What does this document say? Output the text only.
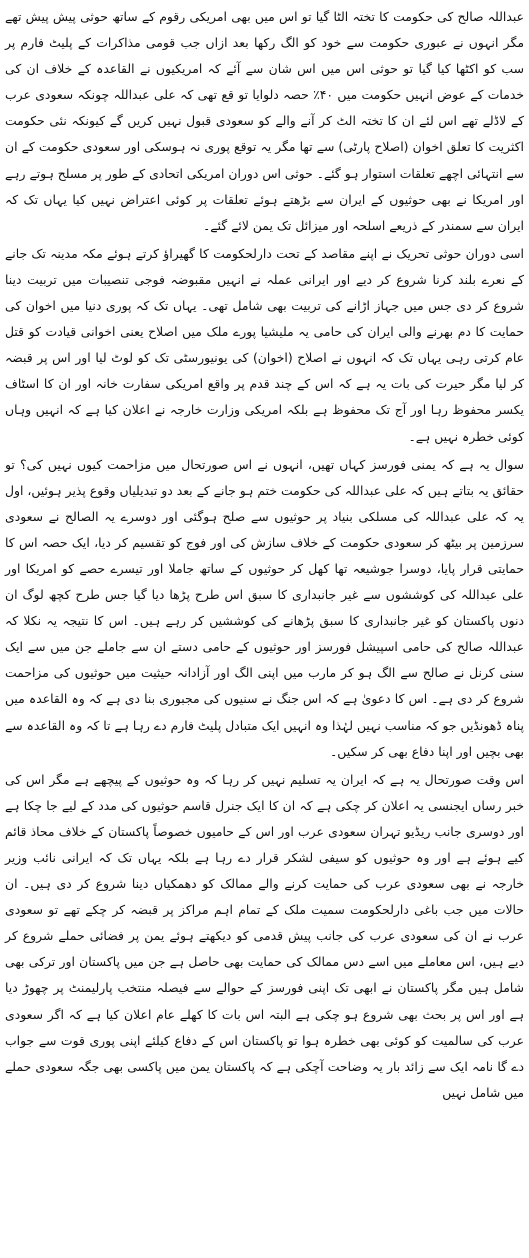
عبداللہ صالح کی حکومت کا تختہ الٹا گیا تو اس میں بھی امریکی رقوم کے ساتھ حوثی پیش پیش تھے مگر انہوں نے عبوری حکومت سے خود کو الگ رکھا بعد ازاں جب قومی مذاکرات کے پلیٹ فارم پر سب کو اکٹھا کیا گیا تو حوثی اس میں اس شان سے آئے کہ امریکیوں نے القاعدہ کے خلاف ان کی خدمات کے عوض انہیں حکومت میں ۴۰٪ حصہ دلوایا تو قع تھی کہ علی عبداللہ چونکہ سعودی عرب کے لاڈلے تھے اس لئے ان کا تختہ الٹ کر آنے والے کو سعودی قبول نہیں کریں گے کیونکہ نئی حکومت اکثریت کا تعلق اخوان (اصلاح پارٹی) سے تھا مگر یہ توقع پوری نہ ہوسکی اور سعودی حکومت کے ان سے انتہائی اچھے تعلقات استوار ہو گئے۔ حوثی اس دوران امریکی اتحادی کے طور پر مسلح ہوتے رہے اور امریکا نے بھی حوثیوں کے ایران سے بڑھتے ہوئے تعلقات پر کوئی اعتراض نہیں کیا یہاں تک کہ ایران سے سمندر کے ذریعے اسلحہ اور میزائل تک یمن لائے گئے۔

اسی دوران حوثی تحریک نے اپنے مقاصد کے تحت دارلحکومت کا گھیراؤ کرتے ہوئے مکہ مدینہ تک جانے کے نعرے بلند کرنا شروع کر دیے اور ایرانی عملہ نے انہیں مقبوضہ فوجی تنصیبات میں تربیت دینا شروع کر دی جس میں جہاز اڑانے کی تربیت بھی شامل تھی۔ یہاں تک کہ پوری دنیا میں اخوان کی حمایت کا دم بھرنے والی ایران کی حامی یہ ملیشیا پورے ملک میں اصلاح یعنی اخوانی قیادت کو قتل عام کرتی رہی یہاں تک کہ انہوں نے اصلاح (اخوان) کی یونیورسٹی تک کو لوٹ لیا اور اس پر قبضہ کر لیا مگر حیرت کی بات یہ ہے کہ اس کے چند قدم پر واقع امریکی سفارت خانہ اور ان کا اسٹاف یکسر محفوظ رہا اور آج تک محفوظ ہے بلکہ امریکی وزارت خارجہ نے اعلان کیا ہے کہ انہیں وہاں کوئی خطرہ نہیں ہے۔

سوال یہ ہے کہ یمنی فورسز کہاں تھیں، انہوں نے اس صورتحال میں مزاحمت کیوں نہیں کی؟ تو حقائق یہ بتاتے ہیں کہ علی عبداللہ کی حکومت ختم ہو جانے کے بعد دو تبدیلیاں وقوع پذیر ہوئیں، اول یہ کہ علی عبداللہ کی مسلکی بنیاد پر حوثیوں سے صلح ہوگئی اور دوسرے یہ الصالح نے سعودی سرزمین پر بیٹھ کر سعودی حکومت کے خلاف سازش کی اور فوج کو تقسیم کر دیا، ایک حصہ اس کا حمایتی قرار پایا، دوسرا جوشیعہ تھا کھل کر حوثیوں کے ساتھ جاملا اور تیسرے حصے کو امریکا اور علی عبداللہ کی کوششوں سے غیر جانبداری کا سبق اس طرح پڑھا دیا گیا جس طرح کچھ لوگ ان دنوں پاکستان کو غیر جانبداری کا سبق پڑھانے کی کوششیں کر رہے ہیں۔ اس کا نتیجہ یہ نکلا کہ عبداللہ صالح کی حامی اسپیشل فورسز اور حوثیوں کے حامی دستے ان سے جاملے جن میں سے ایک سنی کرنل نے صالح سے الگ ہو کر مارب میں اپنی الگ اور آزادانہ حیثیت میں حوثیوں کی مزاحمت شروع کر دی ہے۔ اس کا دعویٰ ہے کہ اس جنگ نے سنیوں کی مجبوری بنا دی ہے کہ وہ القاعدہ میں پناہ ڈھونڈیں جو کہ مناسب نہیں لہٰذا وہ انہیں ایک متبادل پلیٹ فارم دے رہا ہے تا کہ وہ القاعدہ سے بھی بچیں اور اپنا دفاع بھی کر سکیں۔

اس وقت صورتحال یہ ہے کہ ایران یہ تسلیم نہیں کر رہا کہ وہ حوثیوں کے پیچھے ہے مگر اس کی خبر رساں ایجنسی یہ اعلان کر چکی ہے کہ ان کا ایک جنرل قاسم حوثیوں کی مدد کے لیے جا چکا ہے اور دوسری جانب ریڈیو تہران سعودی عرب اور اس کے حامیوں خصوصاً پاکستان کے خلاف محاذ قائم کیے ہوئے ہے اور وہ حوثیوں کو سیفی لشکر قرار دے رہا ہے بلکہ یہاں تک کہ ایرانی نائب وزیر خارجہ نے بھی سعودی عرب کی حمایت کرنے والے ممالک کو دھمکیاں دینا شروع کر دی ہیں۔ ان حالات میں جب باغی دارلحکومت سمیت ملک کے تمام اہم مراکز پر قبضہ کر چکے تھے تو سعودی عرب نے ان کی سعودی عرب کی جانب پیش قدمی کو دیکھتے ہوئے یمن پر فضائی حملے شروع کر دیے ہیں، اس معاملے میں اسے دس ممالک کی حمایت بھی حاصل ہے جن میں پاکستان اور ترکی بھی شامل ہیں مگر پاکستان نے ابھی تک اپنی فورسز کے حوالے سے فیصلہ منتخب پارلیمنٹ پر چھوڑ دیا ہے اور اس پر بحث بھی شروع ہو چکی ہے البتہ اس بات کا کھلے عام اعلان کیا ہے کہ اگر سعودی عرب کی سالمیت کو کوئی بھی خطرہ ہوا تو پاکستان اس کے دفاع کیلئے اپنی پوری قوت سے جواب دے گا نامہ ایک سے زائد بار یہ وضاحت آچکی ہے کہ پاکستان یمن میں پاکسی بھی جگہ سعودی حملے میں شامل نہیں
